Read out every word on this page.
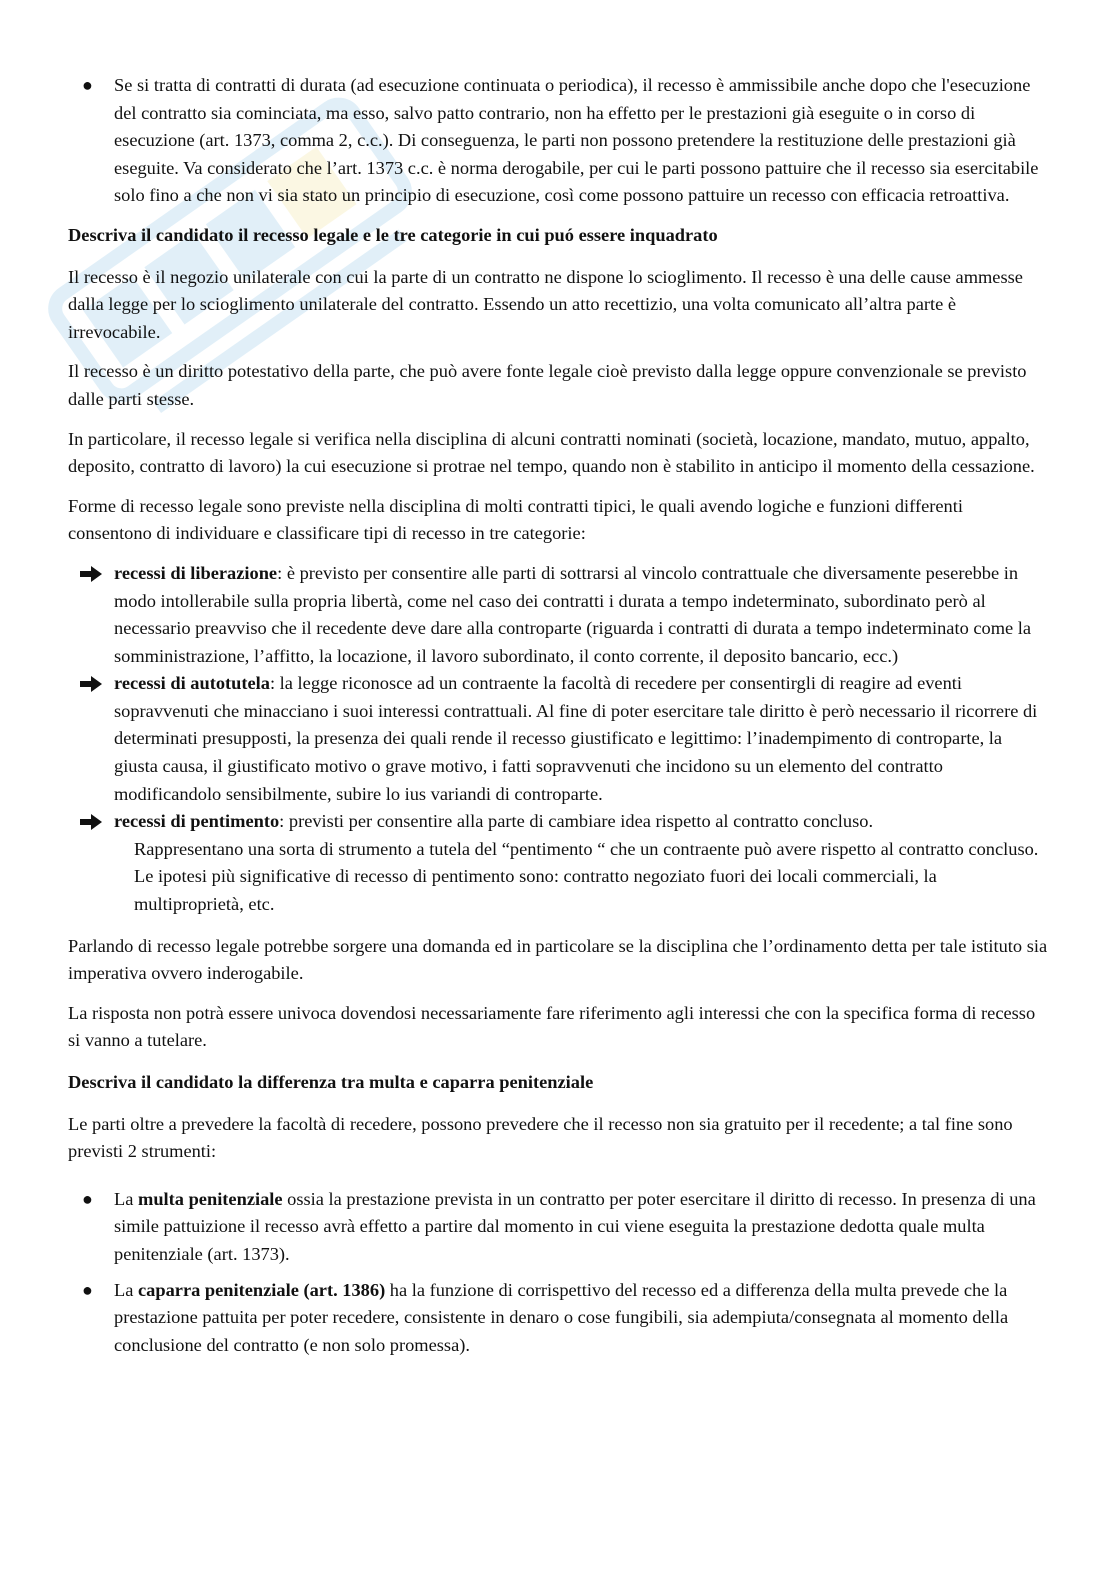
● Se si tratta di contratti di durata (ad esecuzione continuata o periodica), il recesso è ammissibile anche dopo che l'esecuzione del contratto sia cominciata, ma esso, salvo patto contrario, non ha effetto per le prestazioni già eseguite o in corso di esecuzione (art. 1373, comma 2, c.c.). Di conseguenza, le parti non possono pretendere la restituzione delle prestazioni già eseguite. Va considerato che l’art. 1373 c.c. è norma derogabile, per cui le parti possono pattuire che il recesso sia esercitabile solo fino a che non vi sia stato un principio di esecuzione, così come possono pattuire un recesso con efficacia retroattiva.

Descriva il candidato il recesso legale e le tre categorie in cui puó essere inquadrato

Il recesso è il negozio unilaterale con cui la parte di un contratto ne dispone lo scioglimento. Il recesso è una delle cause ammesse dalla legge per lo scioglimento unilaterale del contratto. Essendo un atto recettizio, una volta comunicato all’altra parte è irrevocabile.

Il recesso è un diritto potestativo della parte, che può avere fonte legale cioè previsto dalla legge oppure convenzionale se previsto dalle parti stesse.

In particolare, il recesso legale si verifica nella disciplina di alcuni contratti nominati (società, locazione, mandato, mutuo, appalto, deposito, contratto di lavoro) la cui esecuzione si protrae nel tempo, quando non è stabilito in anticipo il momento della cessazione.

Forme di recesso legale sono previste nella disciplina di molti contratti tipici, le quali avendo logiche e funzioni differenti consentono di individuare e classificare tipi di recesso in tre categorie:

recessi di liberazione: è previsto per consentire alle parti di sottrarsi al vincolo contrattuale che diversamente peserebbe in modo intollerabile sulla propria libertà, come nel caso dei contratti i durata a tempo indeterminato, subordinato però al necessario preavviso che il recedente deve dare alla controparte (riguarda i contratti di durata a tempo indeterminato come la somministrazione, l’affitto, la locazione, il lavoro subordinato, il conto corrente, il deposito bancario, ecc.)
recessi di autotutela: la legge riconosce ad un contraente la facoltà di recedere per consentirgli di reagire ad eventi sopravvenuti che minacciano i suoi interessi contrattuali. Al fine di poter esercitare tale diritto è però necessario il ricorrere di determinati presupposti, la presenza dei quali rende il recesso giustificato e legittimo: l’inadempimento di controparte, la giusta causa, il giustificato motivo o grave motivo, i fatti sopravvenuti che incidono su un elemento del contratto modificandolo sensibilmente, subire lo ius variandi di controparte.
recessi di pentimento: previsti per consentire alla parte di cambiare idea rispetto al contratto concluso.
Rappresentano una sorta di strumento a tutela del “pentimento “ che un contraente può avere rispetto al contratto concluso. Le ipotesi più significative di recesso di pentimento sono: contratto negoziato fuori dei locali commerciali, la multiproprietà, etc.

Parlando di recesso legale potrebbe sorgere una domanda ed in particolare se la disciplina che l’ordinamento detta per tale istituto sia imperativa ovvero inderogabile.

La risposta non potrà essere univoca dovendosi necessariamente fare riferimento agli interessi che con la specifica forma di recesso si vanno a tutelare.

Descriva il candidato la differenza tra multa e caparra penitenziale

Le parti oltre a prevedere la facoltà di recedere, possono prevedere che il recesso non sia gratuito per il recedente; a tal fine sono previsti 2 strumenti:

● La multa penitenziale ossia la prestazione prevista in un contratto per poter esercitare il diritto di recesso. In presenza di una simile pattuizione il recesso avrà effetto a partire dal momento in cui viene eseguita la prestazione dedotta quale multa penitenziale (art. 1373).
● La caparra penitenziale (art. 1386) ha la funzione di corrispettivo del recesso ed a differenza della multa prevede che la prestazione pattuita per poter recedere, consistente in denaro o cose fungibili, sia adempiuta/consegnata al momento della conclusione del contratto (e non solo promessa).
